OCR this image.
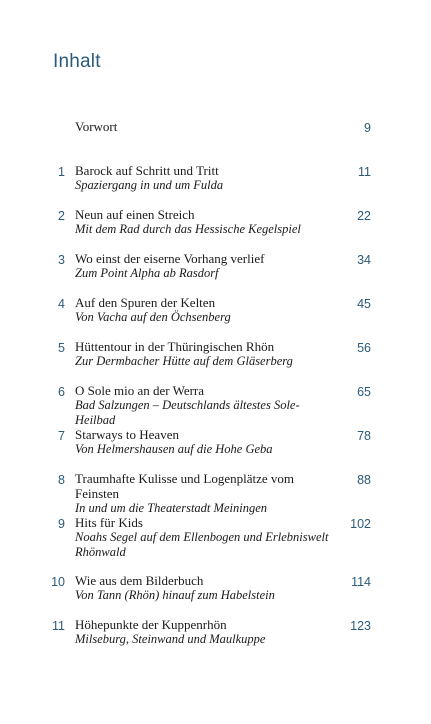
Inhalt
Vorwort	9
1 Barock auf Schritt und Tritt
Spaziergang in und um Fulda
11
2 Neun auf einen Streich
Mit dem Rad durch das Hessische Kegelspiel
22
3 Wo einst der eiserne Vorhang verlief
Zum Point Alpha ab Rasdorf
34
4 Auf den Spuren der Kelten
Von Vacha auf den Öchsenberg
45
5 Hüttentour in der Thüringischen Rhön
Zur Dermbacher Hütte auf dem Gläserberg
56
6 O Sole mio an der Werra
Bad Salzungen – Deutschlands ältestes Sole-Heilbad
65
7 Starways to Heaven
Von Helmershausen auf die Hohe Geba
78
8 Traumhafte Kulisse und Logenplätze vom Feinsten
In und um die Theaterstadt Meiningen
88
9 Hits für Kids
Noahs Segel auf dem Ellenbogen und Erlebniswelt Rhönwald
102
10 Wie aus dem Bilderbuch
Von Tann (Rhön) hinauf zum Habelstein
114
11 Höhepunkte der Kuppenrhön
Milseburg, Steinwand und Maulkuppe
123
